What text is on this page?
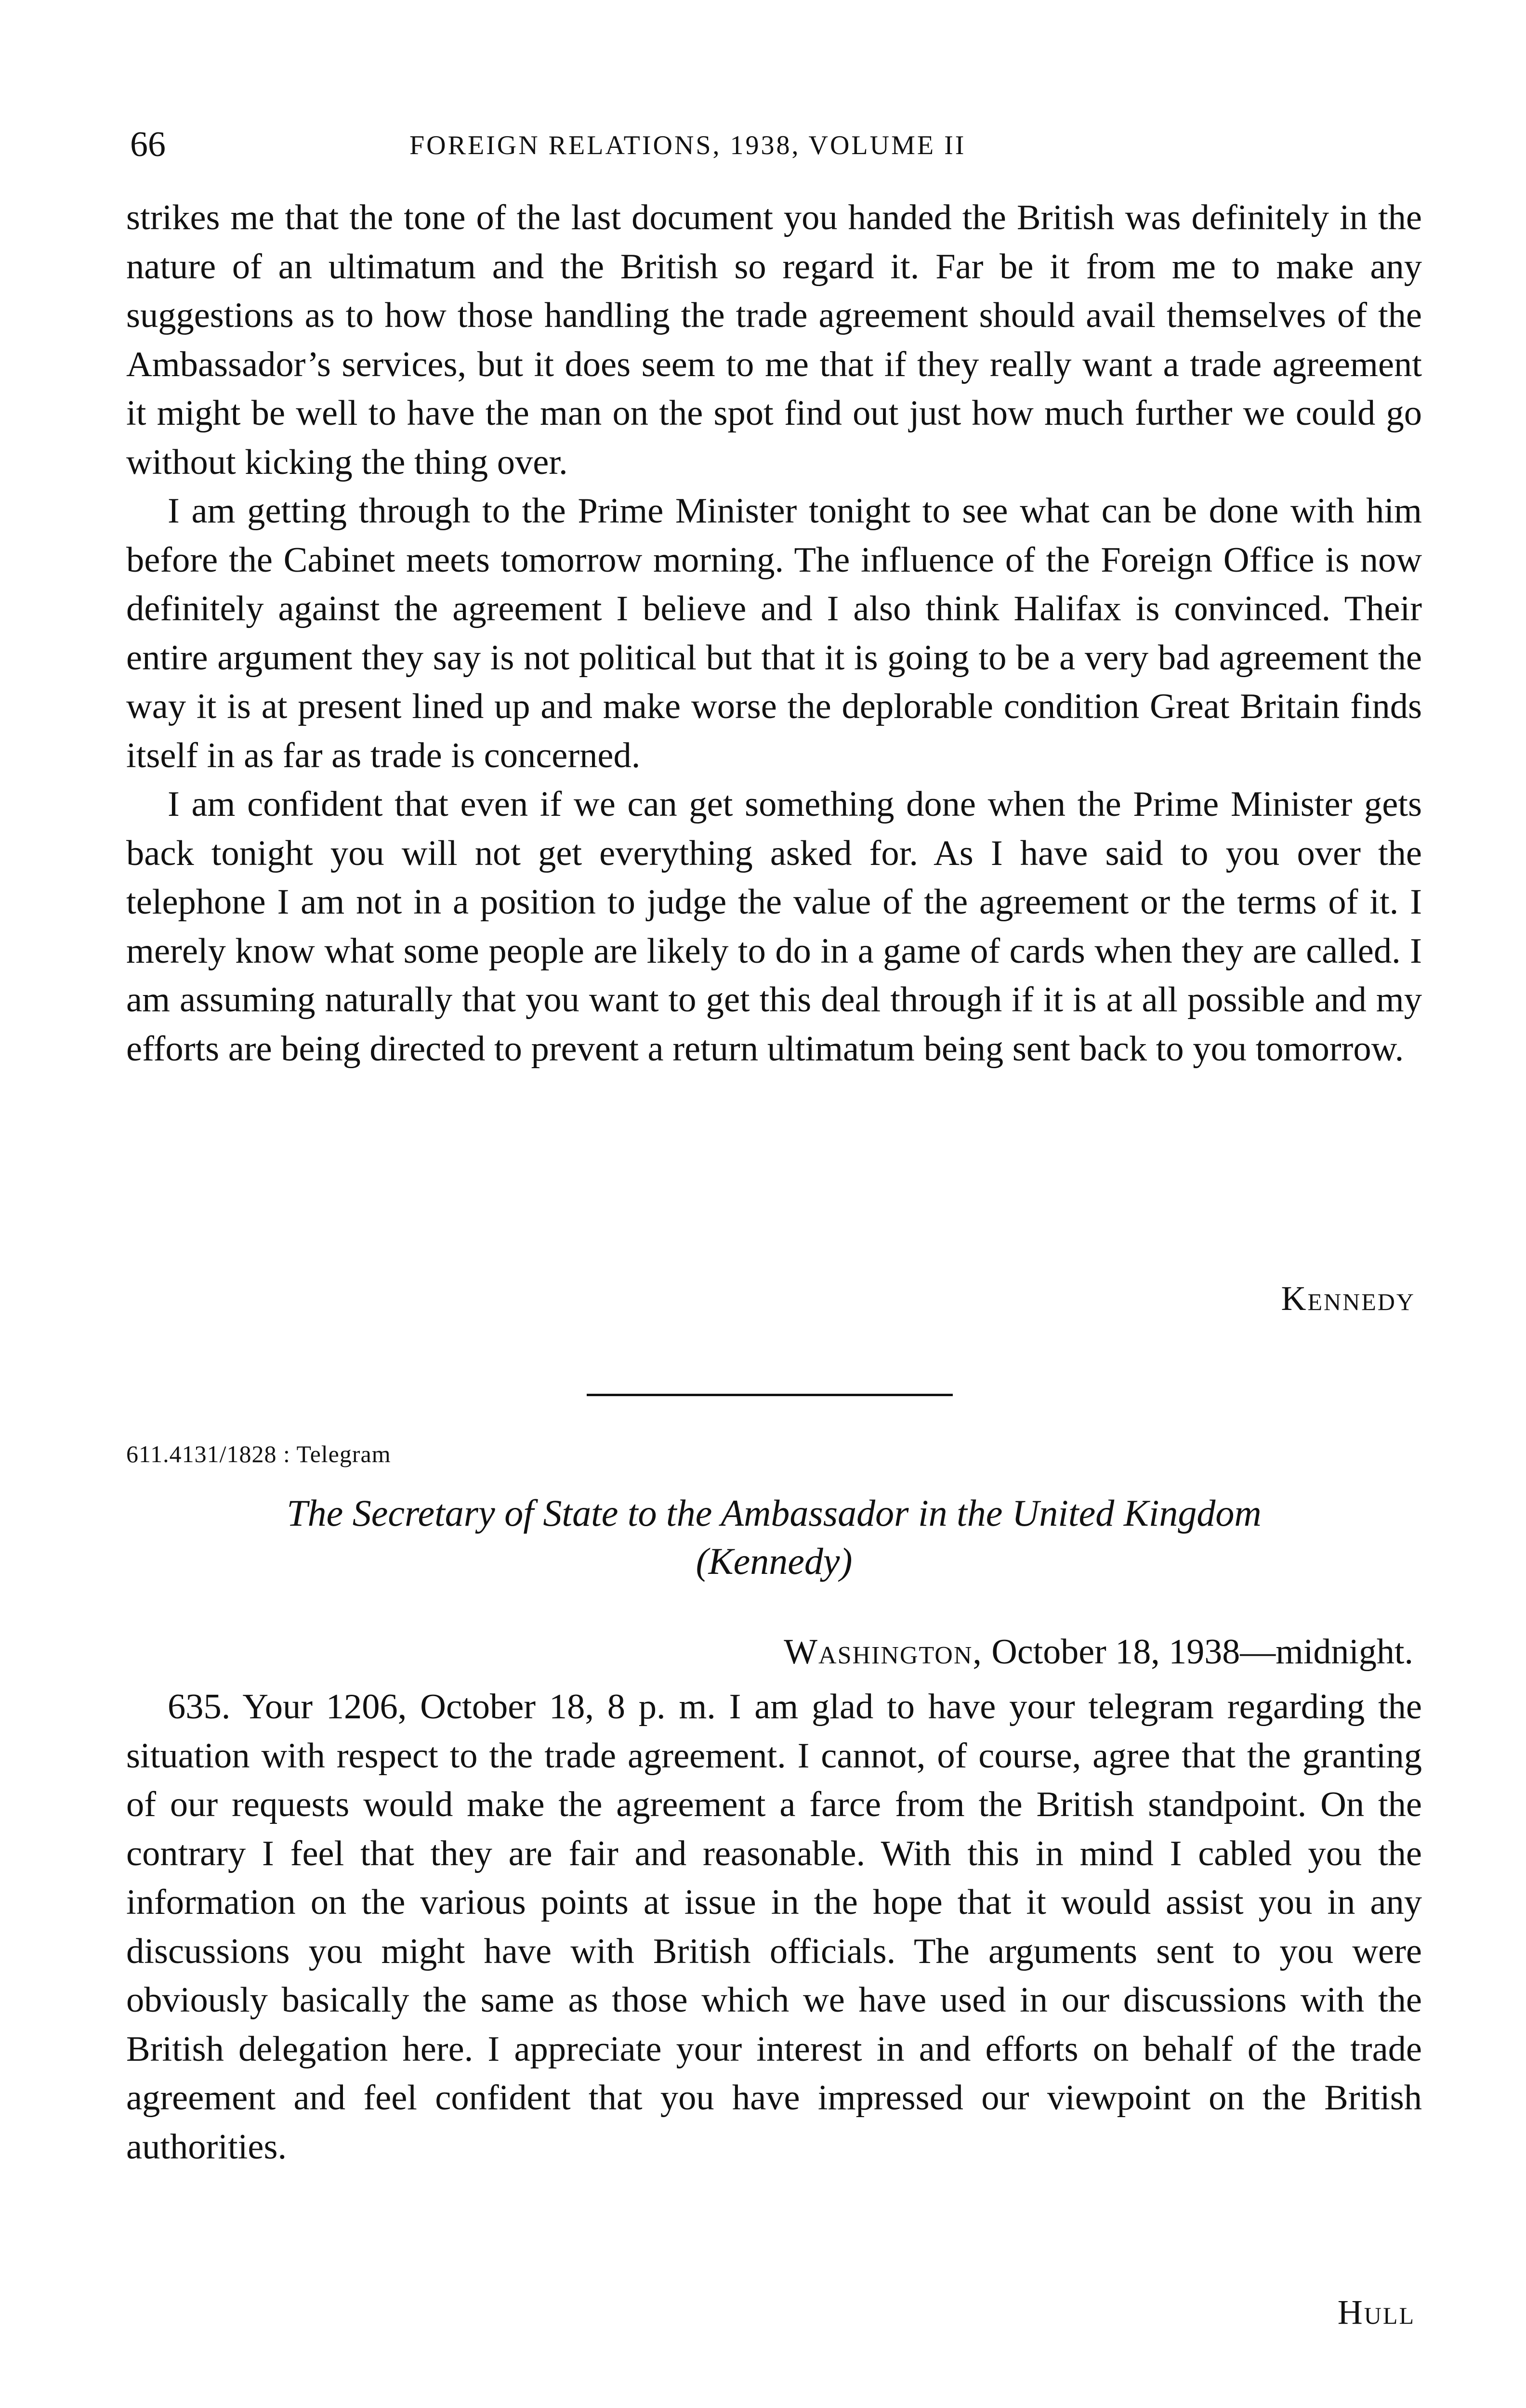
66	FOREIGN RELATIONS, 1938, VOLUME II

strikes me that the tone of the last document you handed the British was definitely in the nature of an ultimatum and the British so regard it. Far be it from me to make any suggestions as to how those handling the trade agreement should avail themselves of the Ambassador’s services, but it does seem to me that if they really want a trade agreement it might be well to have the man on the spot find out just how much further we could go without kicking the thing over.

I am getting through to the Prime Minister tonight to see what can be done with him before the Cabinet meets tomorrow morning. The influence of the Foreign Office is now definitely against the agreement I believe and I also think Halifax is convinced. Their entire argument they say is not political but that it is going to be a very bad agreement the way it is at present lined up and make worse the deplorable condition Great Britain finds itself in as far as trade is concerned.

I am confident that even if we can get something done when the Prime Minister gets back tonight you will not get everything asked for. As I have said to you over the telephone I am not in a position to judge the value of the agreement or the terms of it. I merely know what some people are likely to do in a game of cards when they are called. I am assuming naturally that you want to get this deal through if it is at all possible and my efforts are being directed to prevent a return ultimatum being sent back to you tomorrow.

Kennedy
611.4131/1828 : Telegram
The Secretary of State to the Ambassador in the United Kingdom
(Kennedy)
Washington, October 18, 1938—midnight.

635. Your 1206, October 18, 8 p. m. I am glad to have your telegram regarding the situation with respect to the trade agreement. I cannot, of course, agree that the granting of our requests would make the agreement a farce from the British standpoint. On the contrary I feel that they are fair and reasonable. With this in mind I cabled you the information on the various points at issue in the hope that it would assist you in any discussions you might have with British officials. The arguments sent to you were obviously basically the same as those which we have used in our discussions with the British delegation here. I appreciate your interest in and efforts on behalf of the trade agreement and feel confident that you have impressed our viewpoint on the British authorities.

Hull
